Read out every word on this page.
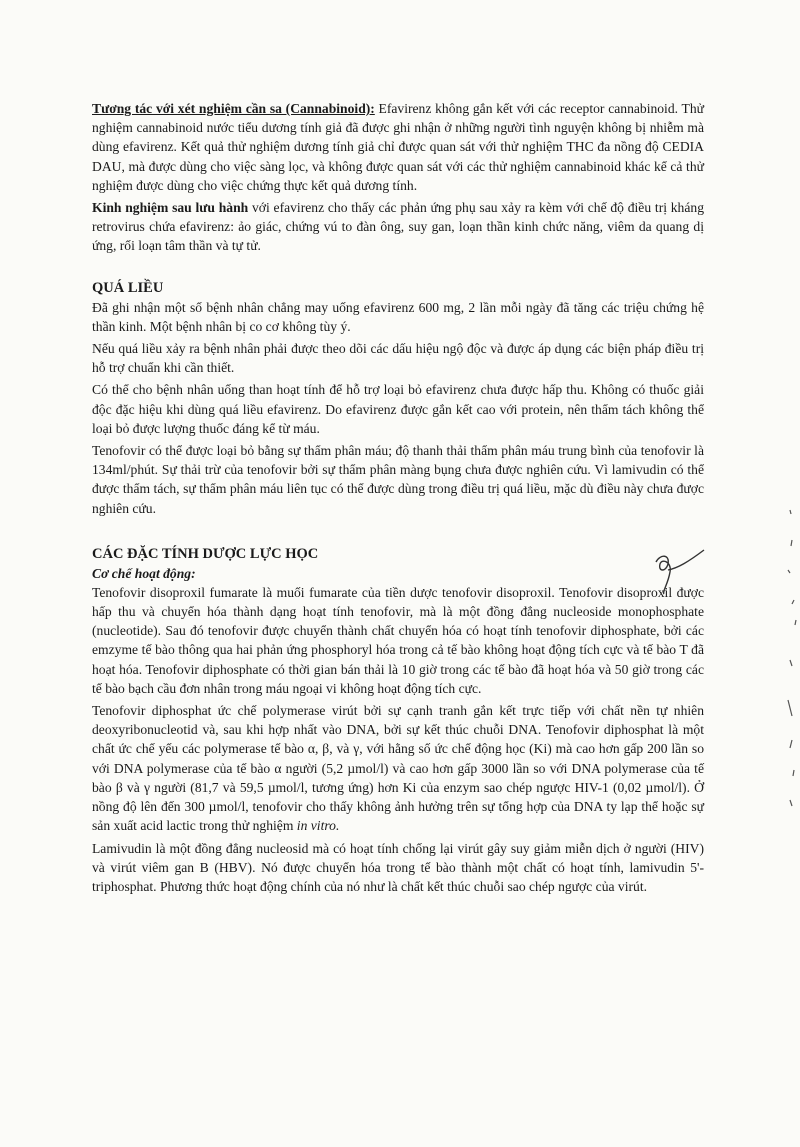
Tương tác với xét nghiệm cần sa (Cannabinoid): Efavirenz không gắn kết với các receptor cannabinoid. Thử nghiệm cannabinoid nước tiểu dương tính giả đã được ghi nhận ở những người tình nguyện không bị nhiễm mà dùng efavirenz. Kết quả thử nghiệm dương tính giả chỉ được quan sát với thử nghiệm THC đa nồng độ CEDIA DAU, mà được dùng cho việc sàng lọc, và không được quan sát với các thử nghiệm cannabinoid khác kể cả thử nghiệm được dùng cho việc chứng thực kết quả dương tính.

Kinh nghiệm sau lưu hành với efavirenz cho thấy các phản ứng phụ sau xảy ra kèm với chế độ điều trị kháng retrovirus chứa efavirenz: ảo giác, chứng vú to đàn ông, suy gan, loạn thần kinh chức năng, viêm da quang dị ứng, rối loạn tâm thần và tự tử.

QUÁ LIỀU

Đã ghi nhận một số bệnh nhân chẳng may uống efavirenz 600 mg, 2 lần mỗi ngày đã tăng các triệu chứng hệ thần kinh. Một bệnh nhân bị co cơ không tùy ý.

Nếu quá liều xảy ra bệnh nhân phải được theo dõi các dấu hiệu ngộ độc và được áp dụng các biện pháp điều trị hỗ trợ chuẩn khi cần thiết.

Có thể cho bệnh nhân uống than hoạt tính để hỗ trợ loại bỏ efavirenz chưa được hấp thu. Không có thuốc giải độc đặc hiệu khi dùng quá liều efavirenz. Do efavirenz được gắn kết cao với protein, nên thẩm tách không thể loại bỏ được lượng thuốc đáng kể từ máu.

Tenofovir có thể được loại bỏ bằng sự thẩm phân máu; độ thanh thải thẩm phân máu trung bình của tenofovir là 134ml/phút. Sự thải trừ của tenofovir bởi sự thẩm phân màng bụng chưa được nghiên cứu. Vì lamivudin có thể được thẩm tách, sự thẩm phân máu liên tục có thể được dùng trong điều trị quá liều, mặc dù điều này chưa được nghiên cứu.

CÁC ĐẶC TÍNH DƯỢC LỰC HỌC
Cơ chế hoạt động:

Tenofovir disoproxil fumarate là muối fumarate của tiền dược tenofovir disoproxil. Tenofovir disoproxil được hấp thu và chuyển hóa thành dạng hoạt tính tenofovir, mà là một đồng đẳng nucleoside monophosphate (nucleotide). Sau đó tenofovir được chuyển thành chất chuyển hóa có hoạt tính tenofovir diphosphate, bởi các emzyme tế bào thông qua hai phản ứng phosphoryl hóa trong cả tế bào không hoạt động tích cực và tế bào T đã hoạt hóa. Tenofovir diphosphate có thời gian bán thải là 10 giờ trong các tế bào đã hoạt hóa và 50 giờ trong các tế bào bạch cầu đơn nhân trong máu ngoại vi không hoạt động tích cực.

Tenofovir diphosphat ức chế polymerase virút bởi sự cạnh tranh gắn kết trực tiếp với chất nền tự nhiên deoxyribonucleotid và, sau khi hợp nhất vào DNA, bởi sự kết thúc chuỗi DNA. Tenofovir diphosphat là một chất ức chế yếu các polymerase tế bào α, β, và γ, với hằng số ức chế động học (Ki) mà cao hơn gấp 200 lần so với DNA polymerase của tế bào α người (5,2 µmol/l) và cao hơn gấp 3000 lần so với DNA polymerase của tế bào β và γ người (81,7 và 59,5 µmol/l, tương ứng) hơn Ki của enzym sao chép ngược HIV-1 (0,02 µmol/l). Ở nồng độ lên đến 300 µmol/l, tenofovir cho thấy không ảnh hưởng trên sự tổng hợp của DNA ty lạp thể hoặc sự sản xuất acid lactic trong thử nghiệm in vitro.

Lamivudin là một đồng đẳng nucleosid mà có hoạt tính chống lại virút gây suy giảm miễn dịch ở người (HIV) và virút viêm gan B (HBV). Nó được chuyển hóa trong tế bào thành một chất có hoạt tính, lamivudin 5'-triphosphat. Phương thức hoạt động chính của nó như là chất kết thúc chuỗi sao chép ngược của virút.
